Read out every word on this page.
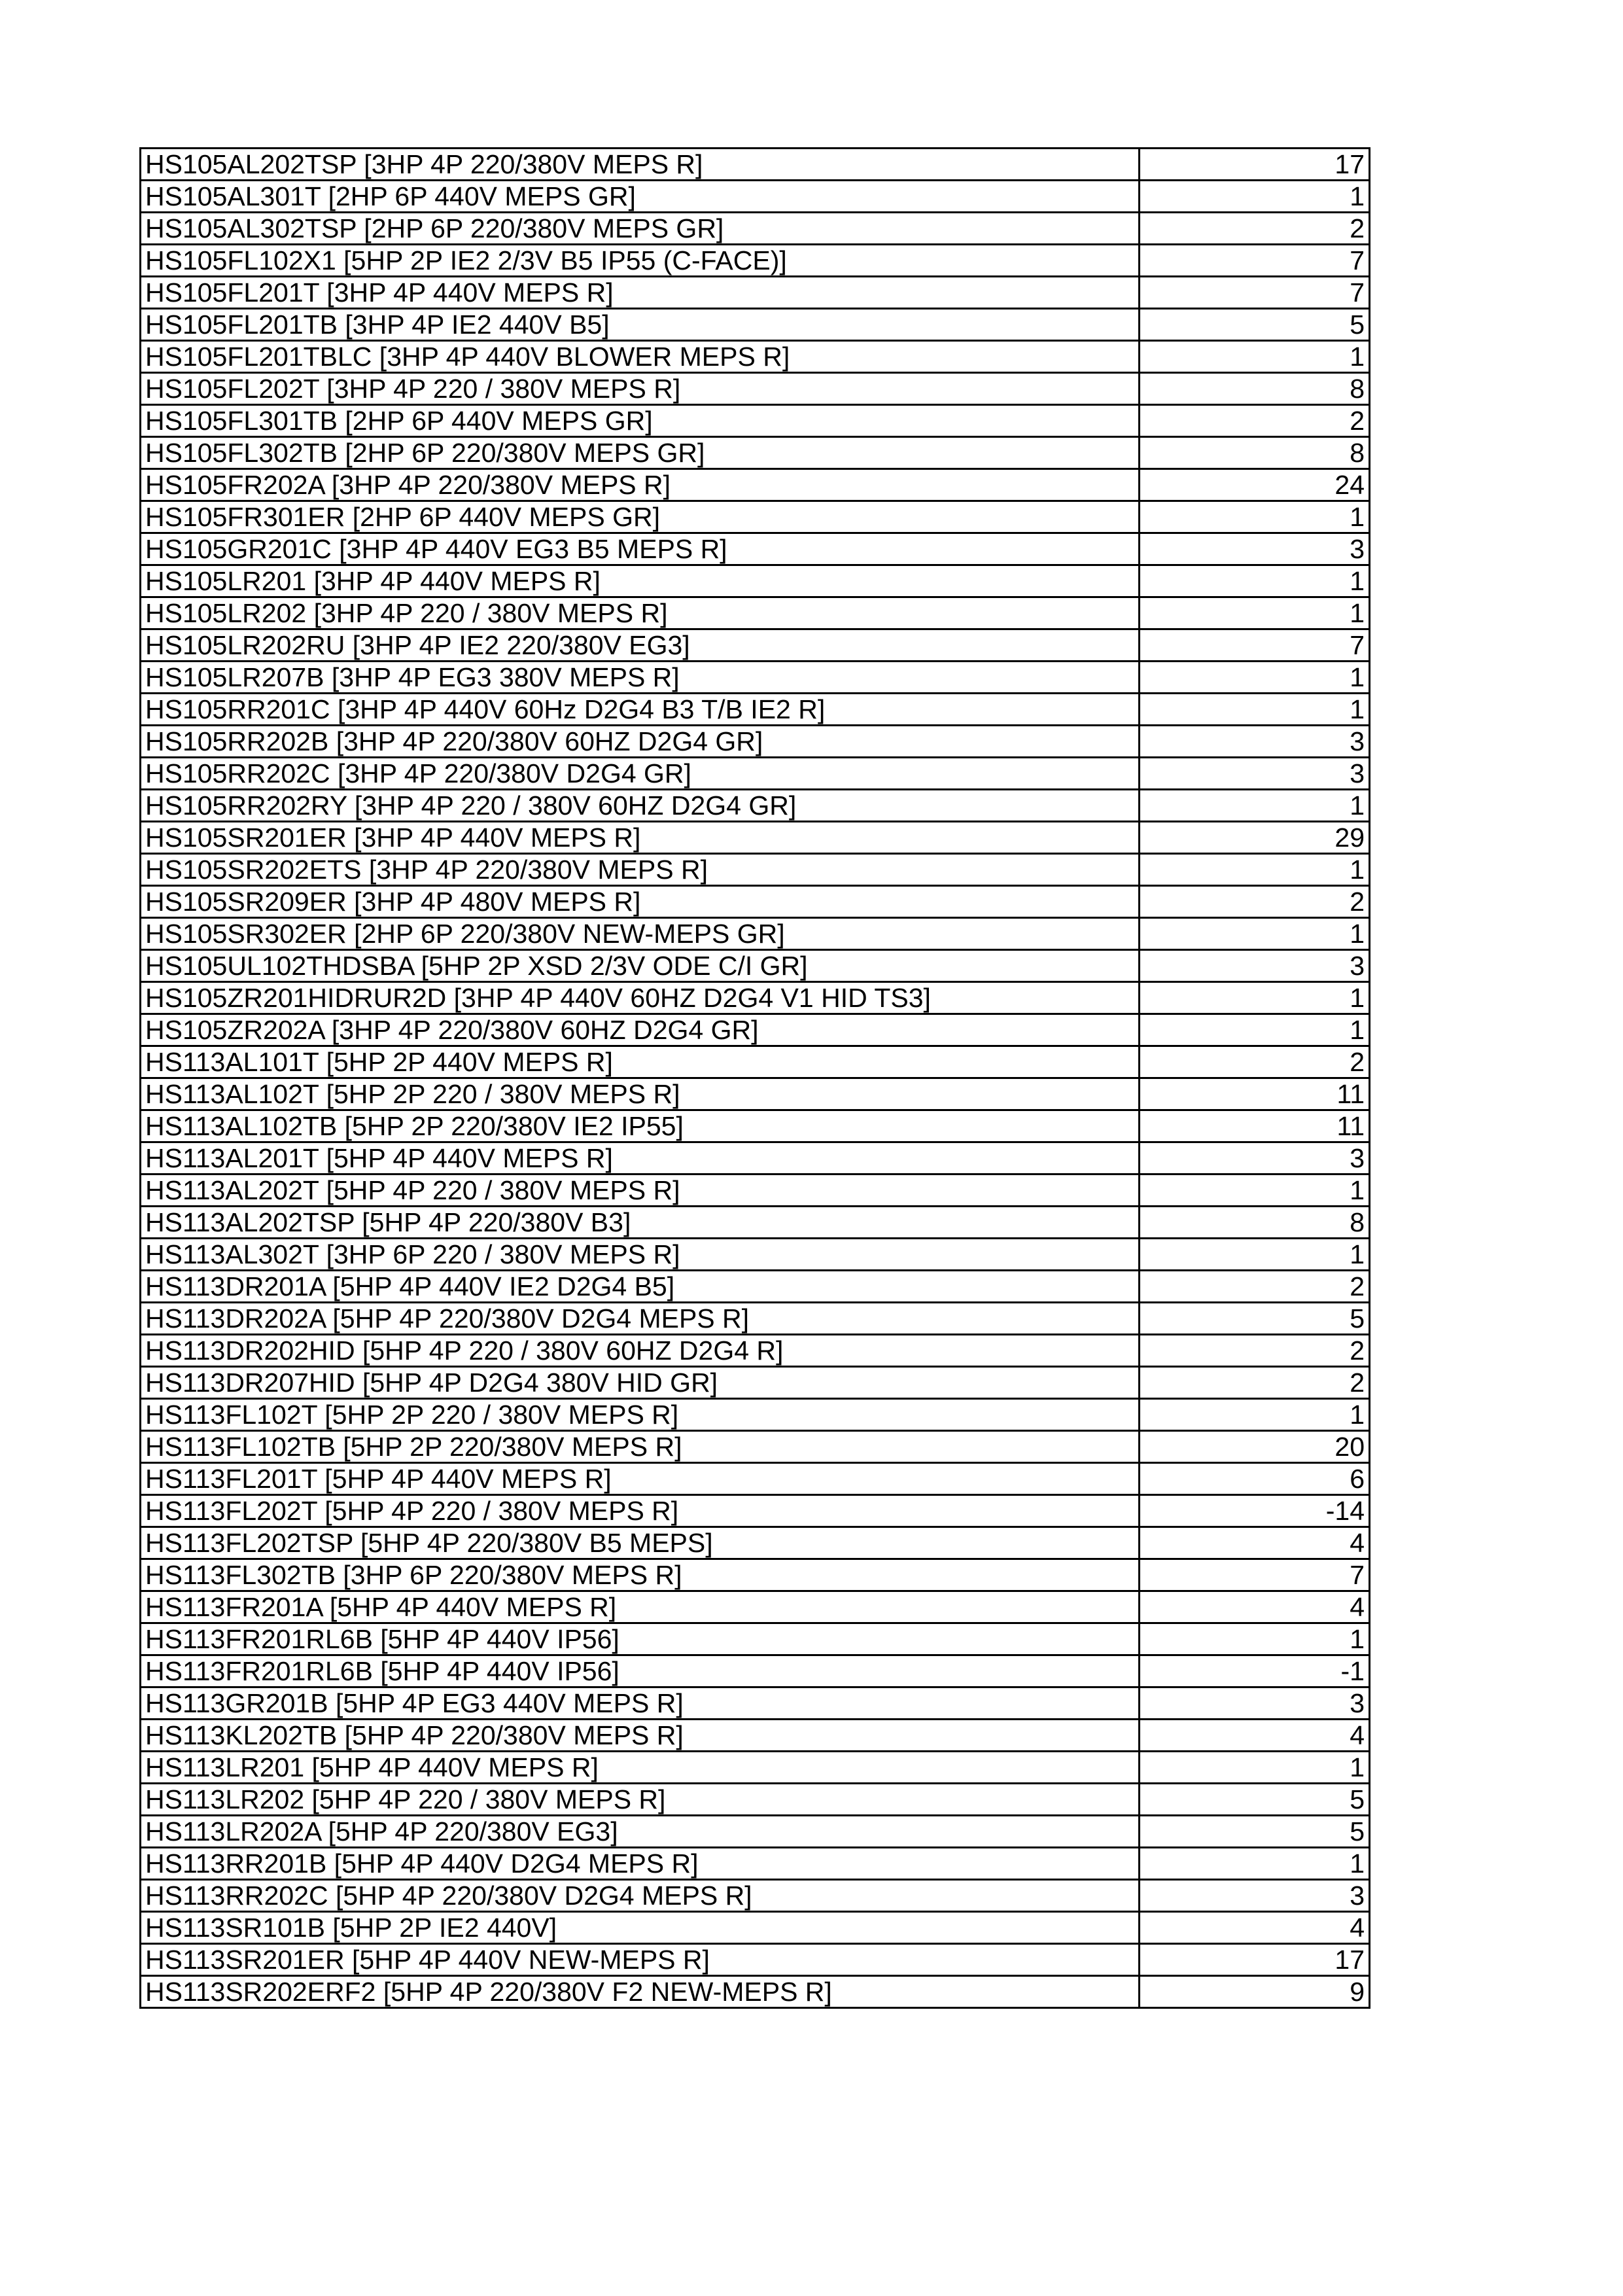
HS105AL202TSP [3HP 4P 220/380V MEPS R]	17
HS105AL301T [2HP 6P 440V MEPS GR]	1
HS105AL302TSP [2HP 6P 220/380V MEPS GR]	2
HS105FL102X1 [5HP 2P IE2 2/3V B5 IP55 (C-FACE)]	7
HS105FL201T [3HP 4P 440V MEPS R]	7
HS105FL201TB [3HP 4P IE2 440V B5]	5
HS105FL201TBLC [3HP 4P 440V BLOWER MEPS R]	1
HS105FL202T [3HP 4P 220 / 380V MEPS R]	8
HS105FL301TB [2HP 6P 440V MEPS GR]	2
HS105FL302TB [2HP 6P 220/380V MEPS GR]	8
HS105FR202A [3HP 4P 220/380V MEPS R]	24
HS105FR301ER [2HP 6P 440V MEPS GR]	1
HS105GR201C [3HP 4P 440V EG3 B5 MEPS R]	3
HS105LR201 [3HP 4P 440V MEPS R]	1
HS105LR202 [3HP 4P 220 / 380V MEPS R]	1
HS105LR202RU [3HP 4P IE2 220/380V EG3]	7
HS105LR207B [3HP 4P EG3 380V MEPS R]	1
HS105RR201C [3HP 4P 440V 60Hz D2G4 B3 T/B IE2 R]	1
HS105RR202B [3HP 4P 220/380V 60HZ D2G4 GR]	3
HS105RR202C [3HP 4P 220/380V D2G4 GR]	3
HS105RR202RY [3HP 4P 220 / 380V 60HZ D2G4 GR]	1
HS105SR201ER [3HP 4P 440V MEPS R]	29
HS105SR202ETS [3HP 4P 220/380V MEPS R]	1
HS105SR209ER [3HP 4P 480V MEPS R]	2
HS105SR302ER [2HP 6P 220/380V NEW-MEPS GR]	1
HS105UL102THDSBA [5HP 2P XSD 2/3V ODE C/I GR]	3
HS105ZR201HIDRUR2D [3HP 4P 440V 60HZ D2G4 V1 HID TS3]	1
HS105ZR202A [3HP 4P 220/380V 60HZ D2G4 GR]	1
HS113AL101T [5HP 2P 440V MEPS R]	2
HS113AL102T [5HP 2P 220 / 380V MEPS R]	11
HS113AL102TB [5HP 2P 220/380V IE2 IP55]	11
HS113AL201T [5HP 4P 440V MEPS R]	3
HS113AL202T [5HP 4P 220 / 380V MEPS R]	1
HS113AL202TSP [5HP 4P 220/380V B3]	8
HS113AL302T [3HP 6P 220 / 380V MEPS R]	1
HS113DR201A [5HP 4P 440V IE2 D2G4 B5]	2
HS113DR202A [5HP 4P 220/380V D2G4 MEPS R]	5
HS113DR202HID [5HP 4P 220 / 380V 60HZ D2G4 R]	2
HS113DR207HID [5HP 4P D2G4 380V HID GR]	2
HS113FL102T [5HP 2P 220 / 380V MEPS R]	1
HS113FL102TB [5HP 2P 220/380V MEPS R]	20
HS113FL201T [5HP 4P 440V MEPS R]	6
HS113FL202T [5HP 4P 220 / 380V MEPS R]	-14
HS113FL202TSP [5HP 4P 220/380V B5 MEPS]	4
HS113FL302TB [3HP 6P 220/380V MEPS R]	7
HS113FR201A [5HP 4P 440V MEPS R]	4
HS113FR201RL6B [5HP 4P 440V IP56]	1
HS113FR201RL6B [5HP 4P 440V IP56]	-1
HS113GR201B [5HP 4P EG3 440V MEPS R]	3
HS113KL202TB [5HP 4P 220/380V MEPS R]	4
HS113LR201 [5HP 4P 440V MEPS R]	1
HS113LR202 [5HP 4P 220 / 380V MEPS R]	5
HS113LR202A [5HP 4P 220/380V EG3]	5
HS113RR201B [5HP 4P 440V D2G4 MEPS R]	1
HS113RR202C [5HP 4P 220/380V D2G4 MEPS R]	3
HS113SR101B [5HP 2P IE2 440V]	4
HS113SR201ER [5HP 4P 440V NEW-MEPS R]	17
HS113SR202ERF2 [5HP 4P 220/380V F2 NEW-MEPS R]	9
